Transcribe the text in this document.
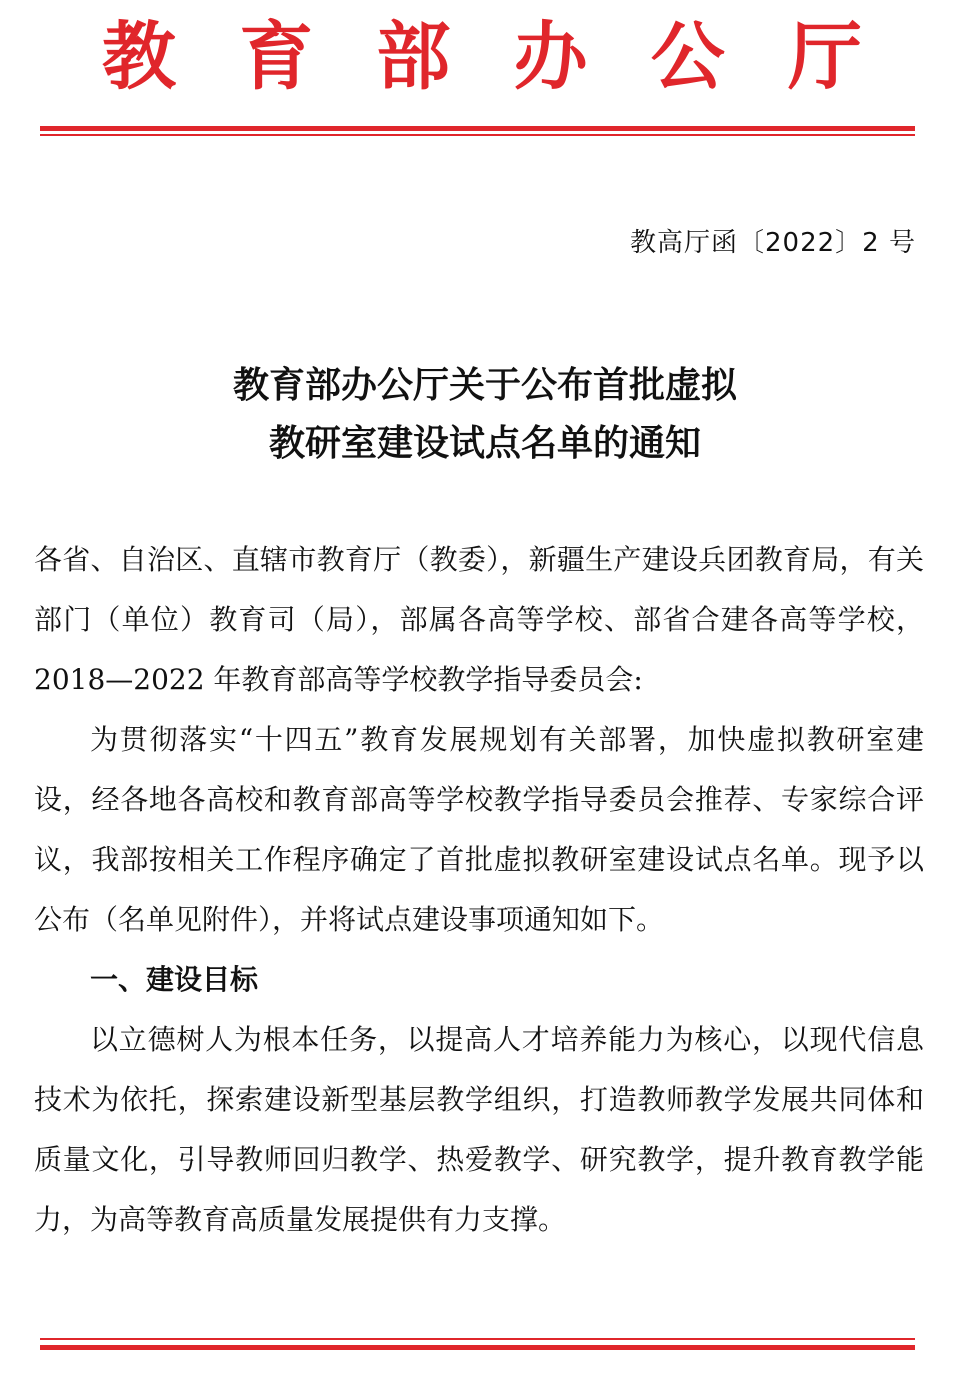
教 育 部 办 公 厅
教高厅函〔2022〕2 号
教育部办公厅关于公布首批虚拟
教研室建设试点名单的通知

各省、自治区、直辖市教育厅（教委），新疆生产建设兵团教育局，有关部门（单位）教育司（局），部属各高等学校、部省合建各高等学校，2018—2022 年教育部高等学校教学指导委员会:

为贯彻落实“十四五”教育发展规划有关部署，加快虚拟教研室建设，经各地各高校和教育部高等学校教学指导委员会推荐、专家综合评议，我部按相关工作程序确定了首批虚拟教研室建设试点名单。现予以公布（名单见附件），并将试点建设事项通知如下。

一、建设目标

以立德树人为根本任务，以提高人才培养能力为核心，以现代信息技术为依托，探索建设新型基层教学组织，打造教师教学发展共同体和质量文化，引导教师回归教学、热爱教学、研究教学，提升教育教学能力，为高等教育高质量发展提供有力支撑。
